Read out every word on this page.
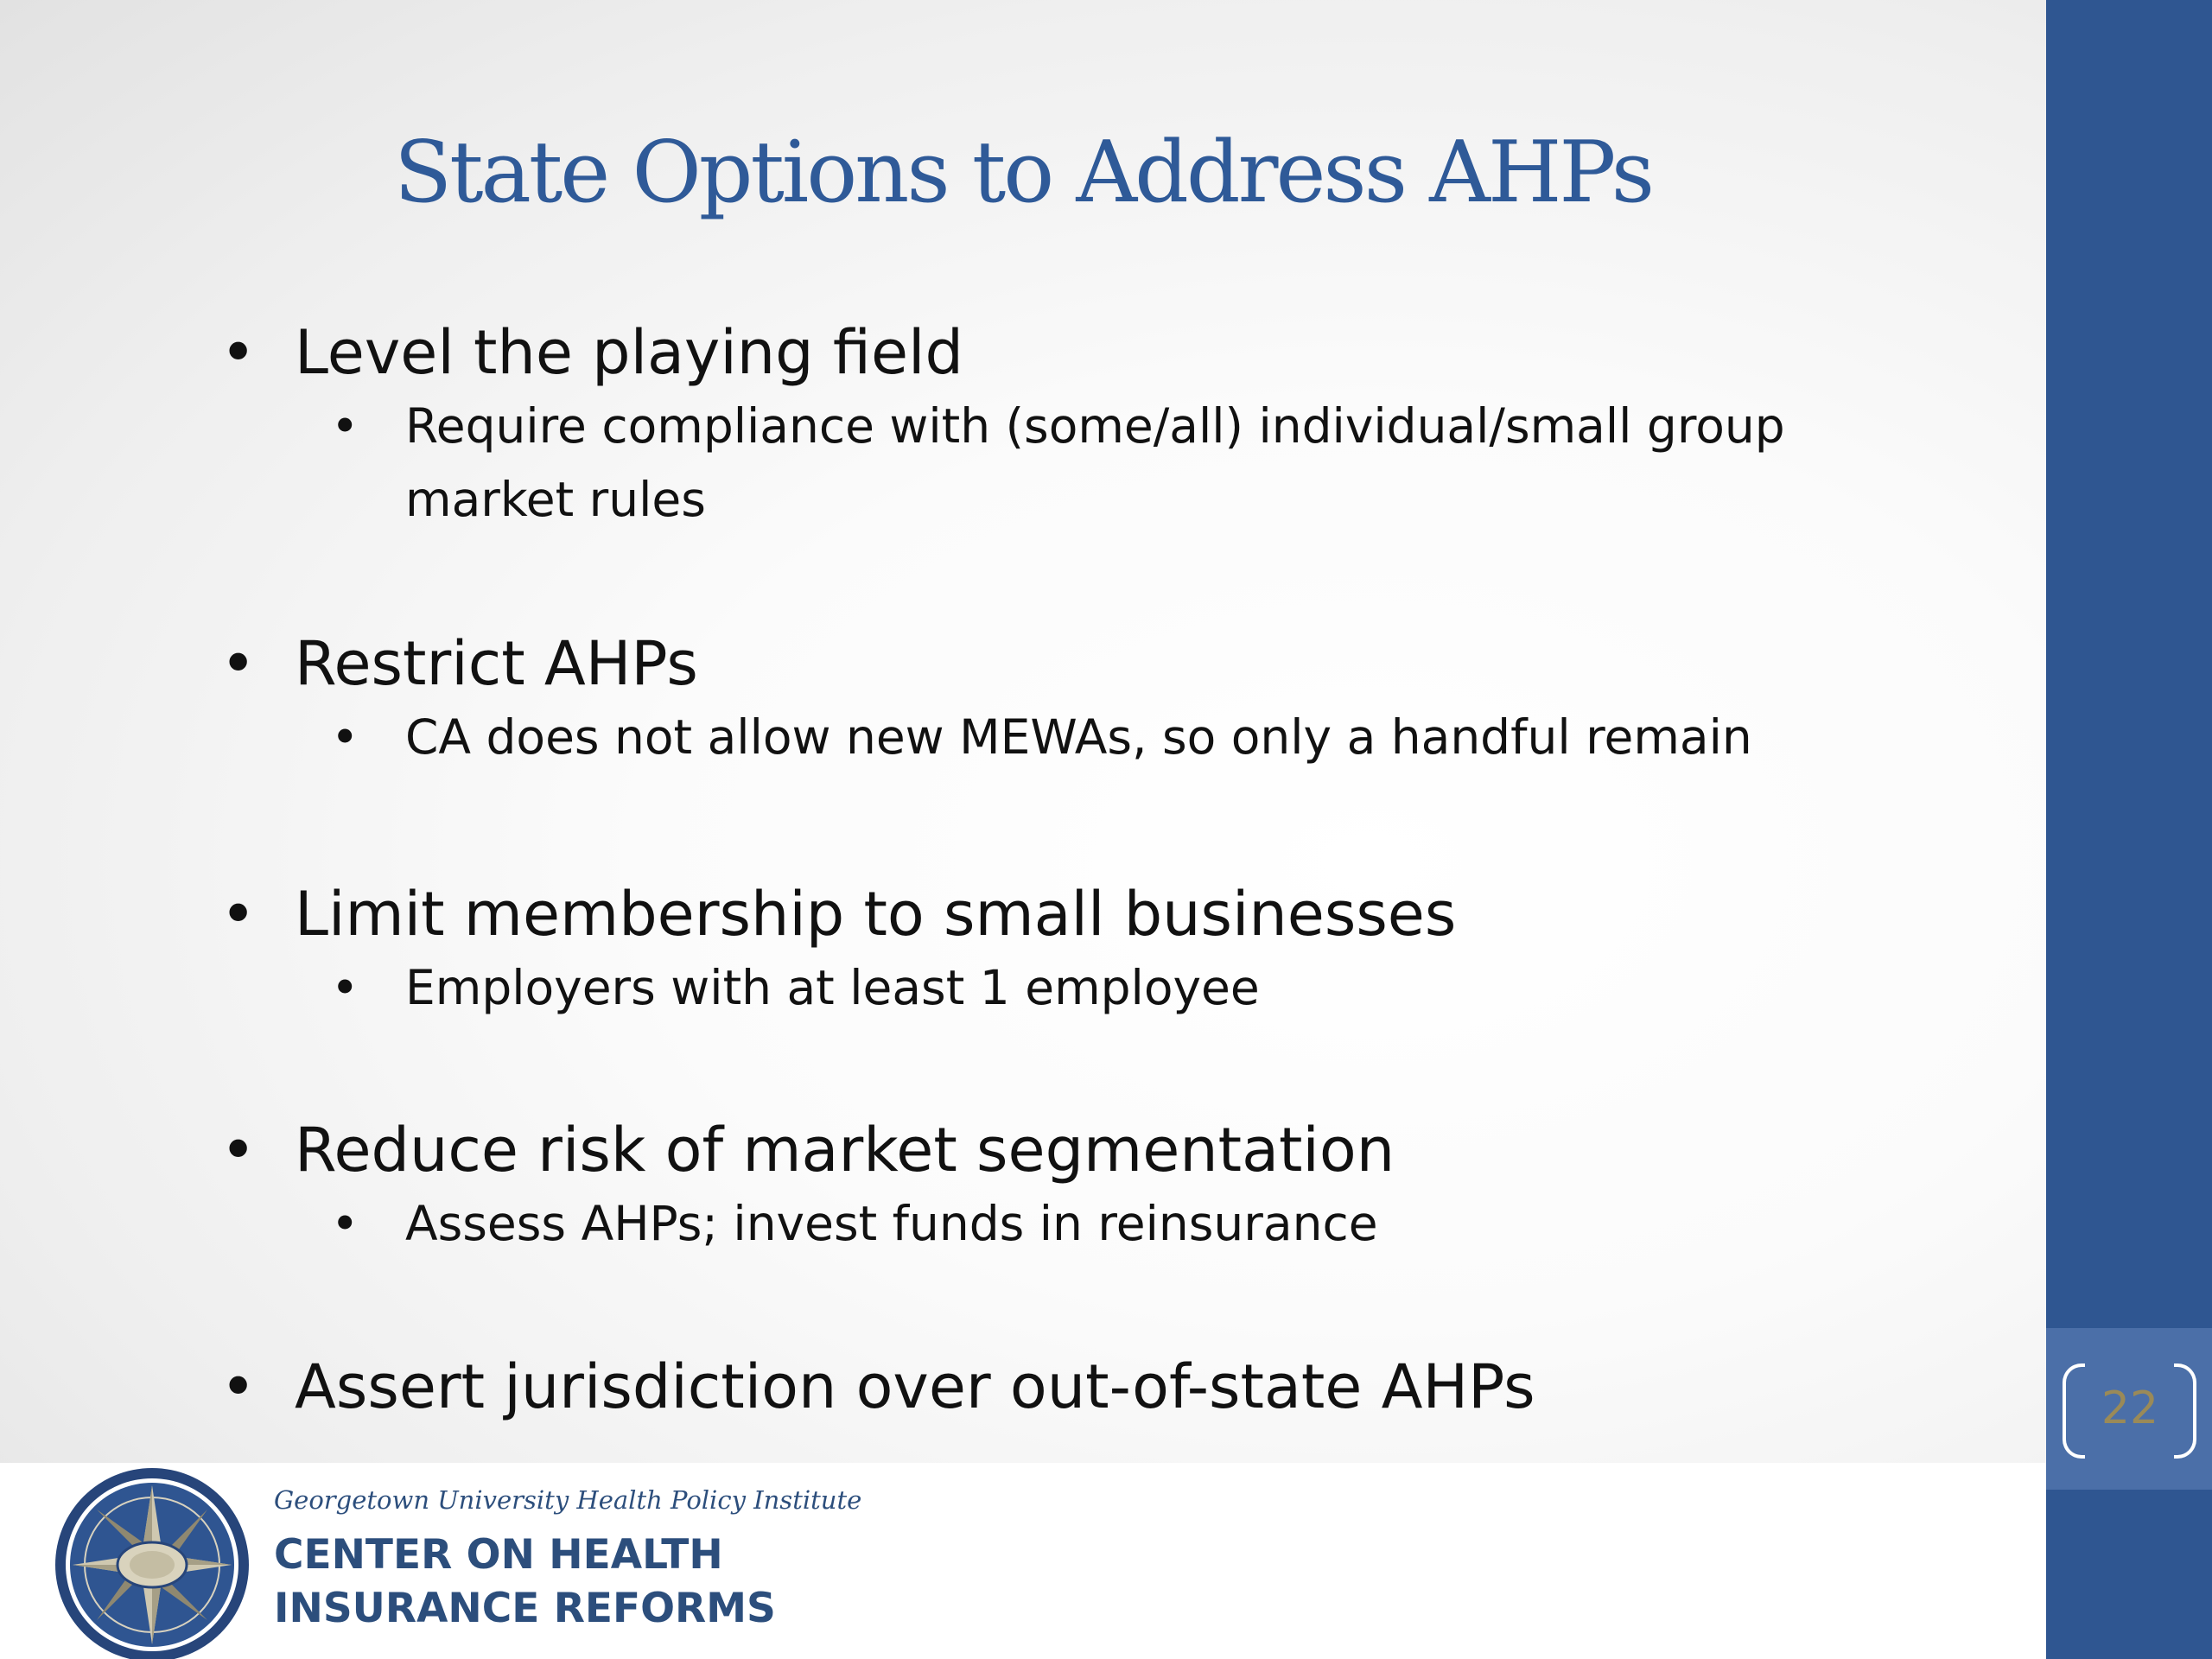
22
State Options to Address AHPs
• Level the playing field
• Require compliance with (some/all) individual/small group market rules
• Restrict AHPs
• CA does not allow new MEWAs, so only a handful remain
• Limit membership to small businesses
• Employers with at least 1 employee
• Reduce risk of market segmentation
• Assess AHPs; invest funds in reinsurance
• Assert jurisdiction over out-of-state AHPs
Georgetown University Health Policy Institute
CENTER ON HEALTH
INSURANCE REFORMS
